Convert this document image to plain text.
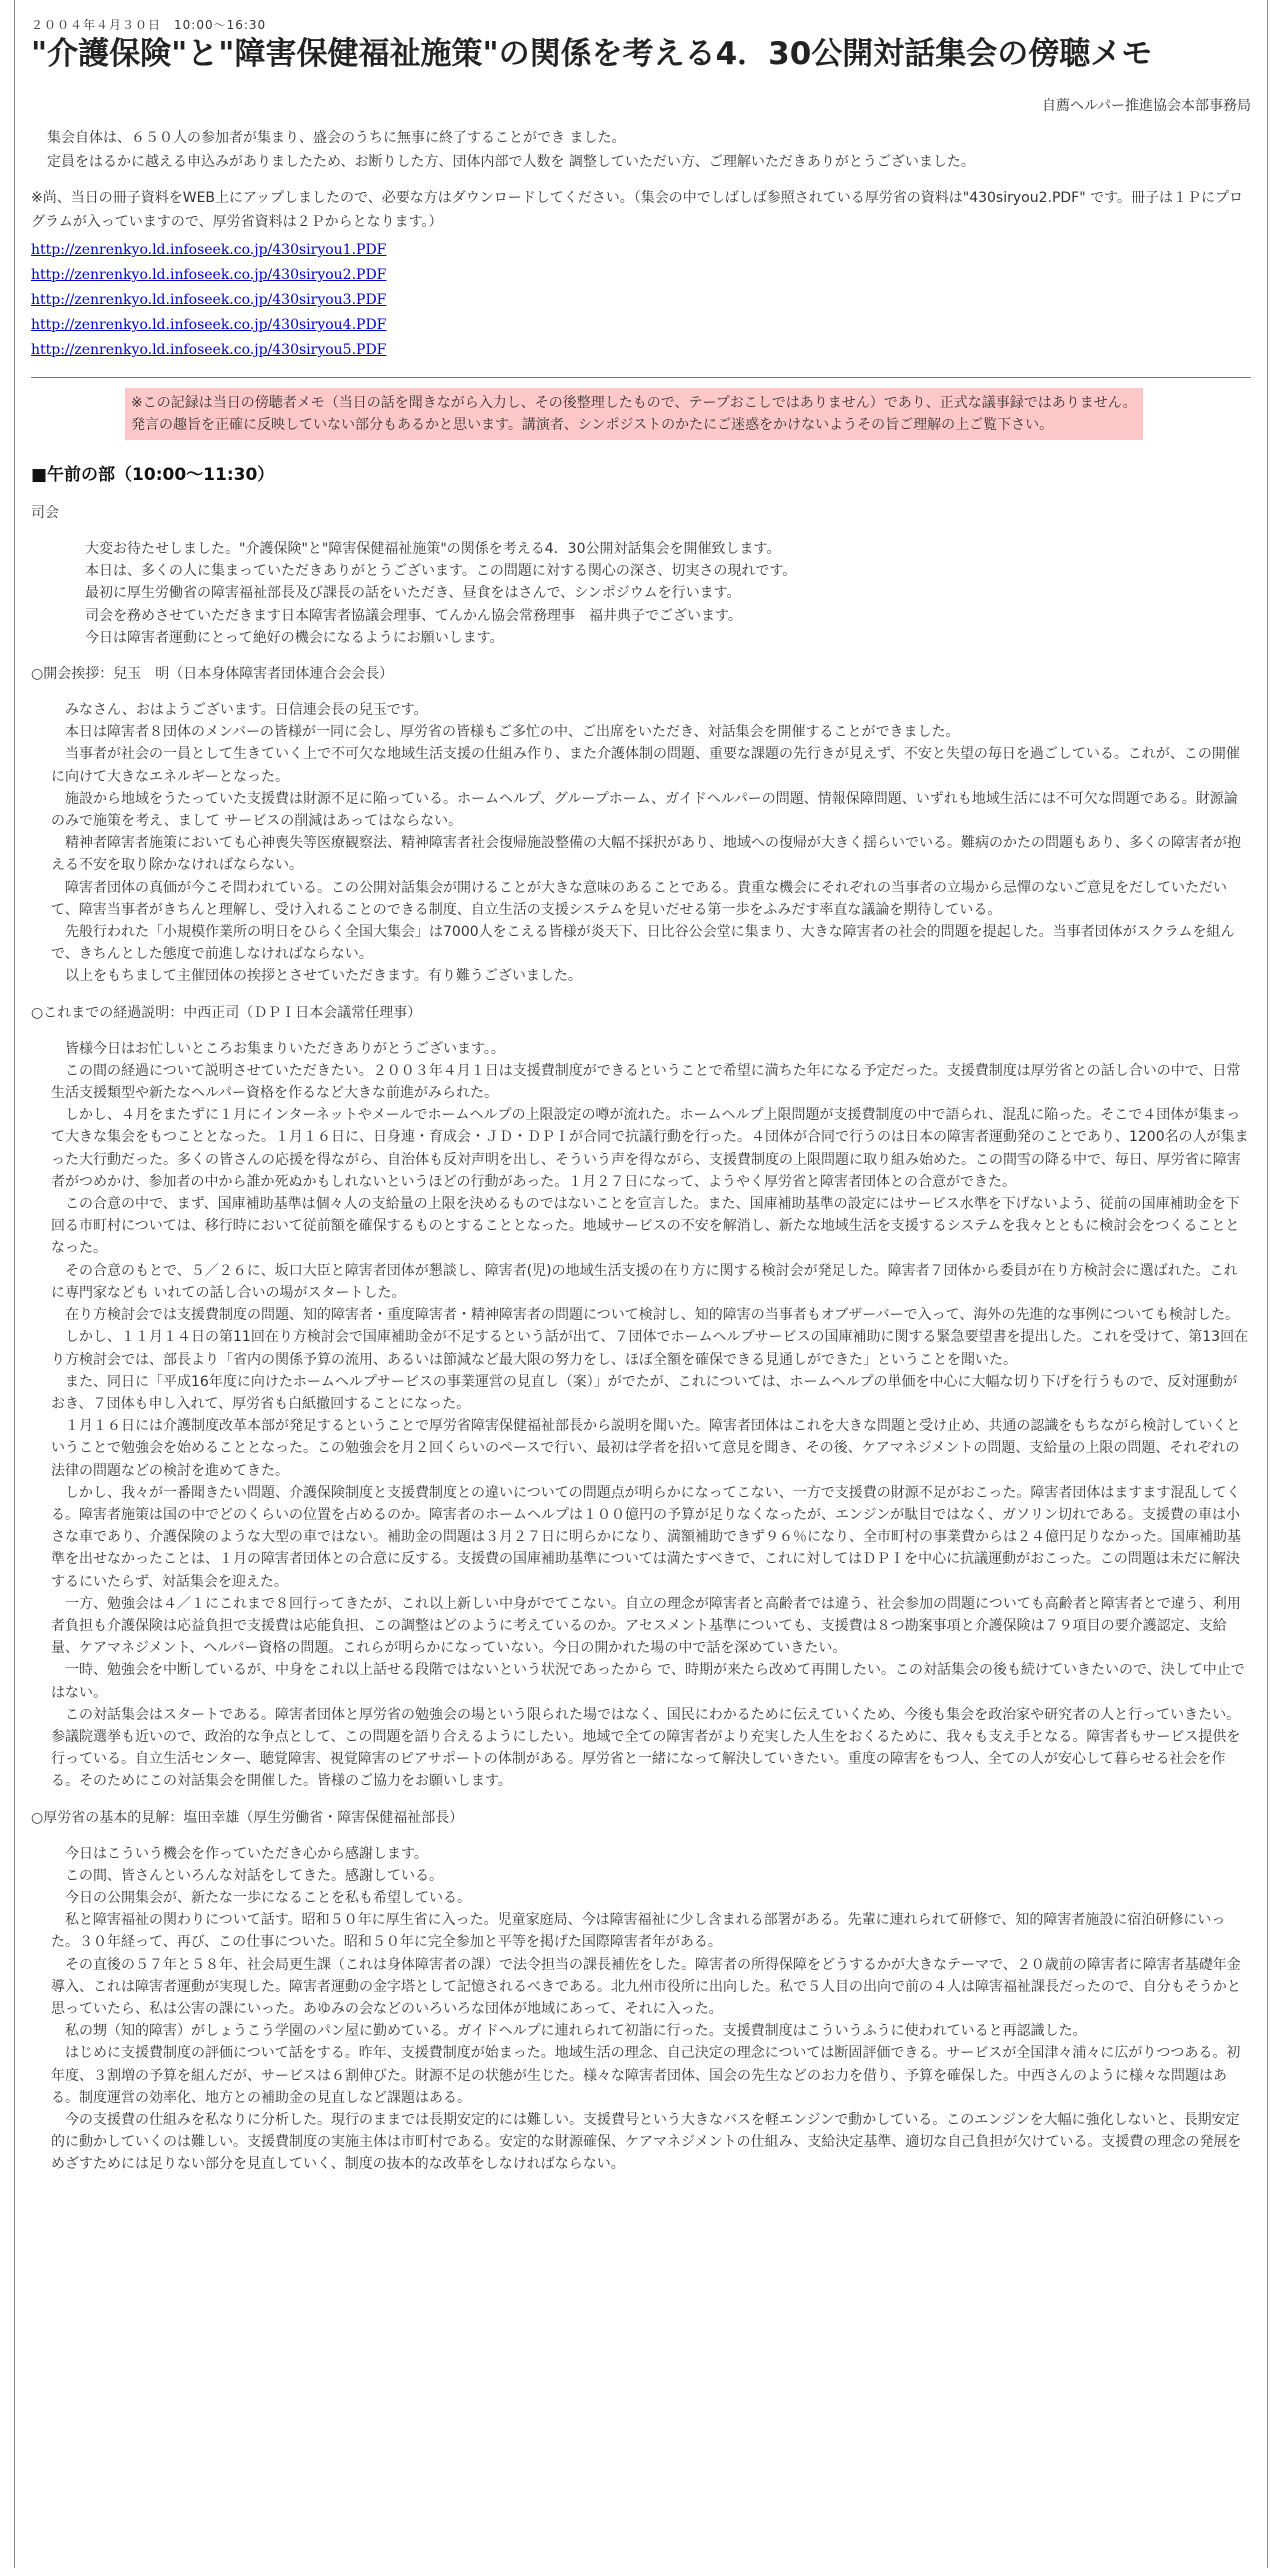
２００４年４月３０日　10:00～16:30
"介護保険"と"障害保健福祉施策"の関係を考える4．30公開対話集会の傍聴メモ
自薦ヘルパー推進協会本部事務局

集会自体は、６５０人の参加者が集まり、盛会のうちに無事に終了することができ ました。

定員をはるかに越える申込みがありましたため、お断りした方、団体内部で人数を 調整していただい方、ご理解いただきありがとうございました。

※尚、当日の冊子資料をWEB上にアップしましたので、必要な方はダウンロードしてください。（集会の中でしばしば参照されている厚労省の資料は"430siryou2.PDF" です。冊子は１Ｐにプログラムが入っていますので、厚労省資料は２Ｐからとなります。）

http://zenrenkyo.ld.infoseek.co.jp/430siryou1.PDF
http://zenrenkyo.ld.infoseek.co.jp/430siryou2.PDF
http://zenrenkyo.ld.infoseek.co.jp/430siryou3.PDF
http://zenrenkyo.ld.infoseek.co.jp/430siryou4.PDF
http://zenrenkyo.ld.infoseek.co.jp/430siryou5.PDF
※この記録は当日の傍聴者メモ（当日の話を聞きながら入力し、その後整理したもので、テープおこしではありません）であり、正式な議事録ではありません。発言の趣旨を正確に反映していない部分もあるかと思います。講演者、シンポジストのかたにご迷惑をかけないようその旨ご理解の上ご覧下さい。
■午前の部（10:00～11:30）
司会

大変お待たせしました。"介護保険"と"障害保健福祉施策"の関係を考える4．30公開対話集会を開催致します。

本日は、多くの人に集まっていただきありがとうございます。この問題に対する関心の深さ、切実さの現れです。

最初に厚生労働省の障害福祉部長及び課長の話をいただき、昼食をはさんで、シンポジウムを行います。

司会を務めさせていただきます日本障害者協議会理事、てんかん協会常務理事　福井典子でございます。

今日は障害者運動にとって絶好の機会になるようにお願いします。

○開会挨拶：兒玉　明（日本身体障害者団体連合会会長）

みなさん、おはようございます。日信連会長の兒玉です。

本日は障害者８団体のメンバーの皆様が一同に会し、厚労省の皆様もご多忙の中、ご出席をいただき、対話集会を開催することができました。

当事者が社会の一員として生きていく上で不可欠な地域生活支援の仕組み作り、また介護体制の問題、重要な課題の先行きが見えず、不安と失望の毎日を過ごしている。これが、この開催に向けて大きなエネルギーとなった。

施設から地域をうたっていた支援費は財源不足に陥っている。ホームヘルプ、グループホーム、ガイドヘルパーの問題、情報保障問題、いずれも地域生活には不可欠な問題である。財源論のみで施策を考え、まして サービスの削減はあってはならない。

精神者障害者施策においても心神喪失等医療観察法、精神障害者社会復帰施設整備の大幅不採択があり、地域への復帰が大きく揺らいでいる。難病のかたの問題もあり、多くの障害者が抱える不安を取り除かなければならない。

障害者団体の真価が今こそ問われている。この公開対話集会が開けることが大きな意味のあることである。貴重な機会にそれぞれの当事者の立場から忌憚のないご意見をだしていただいて、障害当事者がきちんと理解し、受け入れることのできる制度、自立生活の支援システムを見いだせる第一歩をふみだす率直な議論を期待している。

先般行われた「小規模作業所の明日をひらく全国大集会」は7000人をこえる皆様が炎天下、日比谷公会堂に集まり、大きな障害者の社会的問題を提起した。当事者団体がスクラムを組んで、きちんとした態度で前進しなければならない。

以上をもちまして主催団体の挨拶とさせていただきます。有り難うございました。

○これまでの経過説明：中西正司（ＤＰＩ日本会議常任理事）

皆様今日はお忙しいところお集まりいただきありがとうございます。。

この間の経過について説明させていただきたい。２００３年４月１日は支援費制度ができるということで希望に満ちた年になる予定だった。支援費制度は厚労省との話し合いの中で、日常生活支援類型や新たなヘルパー資格を作るなど大きな前進がみられた。

しかし、４月をまたずに１月にインターネットやメールでホームヘルプの上限設定の噂が流れた。ホームヘルプ上限問題が支援費制度の中で語られ、混乱に陥った。そこで４団体が集まって大きな集会をもつこととなった。１月１６日に、日身連・育成会・ＪＤ・ＤＰＩが合同で抗議行動を行った。４団体が合同で行うのは日本の障害者運動発のことであり、1200名の人が集まった大行動だった。多くの皆さんの応援を得ながら、自治体も反対声明を出し、そういう声を得ながら、支援費制度の上限問題に取り組み始めた。この間雪の降る中で、毎日、厚労省に障害者がつめかけ、参加者の中から誰か死ぬかもしれないというほどの行動があった。１月２７日になって、ようやく厚労省と障害者団体との合意ができた。

この合意の中で、まず、国庫補助基準は個々人の支給量の上限を決めるものではないことを宣言した。また、国庫補助基準の設定にはサービス水準を下げないよう、従前の国庫補助金を下回る市町村については、移行時において従前額を確保するものとすることとなった。地域サービスの不安を解消し、新たな地域生活を支援するシステムを我々とともに検討会をつくることとなった。

その合意のもとで、５／２６に、坂口大臣と障害者団体が懇談し、障害者(児)の地域生活支援の在り方に関する検討会が発足した。障害者７団体から委員が在り方検討会に選ばれた。これに専門家なども いれての話し合いの場がスタートした。

在り方検討会では支援費制度の問題、知的障害者・重度障害者・精神障害者の問題について検討し、知的障害の当事者もオブザーバーで入って、海外の先進的な事例についても検討した。

しかし、１１月１４日の第11回在り方検討会で国庫補助金が不足するという話が出て、７団体でホームヘルプサービスの国庫補助に関する緊急要望書を提出した。これを受けて、第13回在り方検討会では、部長より「省内の関係予算の流用、あるいは節減など最大限の努力をし、ほぼ全額を確保できる見通しができた」ということを聞いた。

また、同日に「平成16年度に向けたホームヘルプサービスの事業運営の見直し（案）」がでたが、これについては、ホームヘルプの単価を中心に大幅な切り下げを行うもので、反対運動がおき、７団体も申し入れて、厚労省も白紙撤回することになった。

１月１６日には介護制度改革本部が発足するということで厚労省障害保健福祉部長から説明を聞いた。障害者団体はこれを大きな問題と受け止め、共通の認識をもちながら検討していくということで勉強会を始めることとなった。この勉強会を月２回くらいのペースで行い、最初は学者を招いて意見を聞き、その後、ケアマネジメントの問題、支給量の上限の問題、それぞれの法律の問題などの検討を進めてきた。

しかし、我々が一番聞きたい問題、介護保険制度と支援費制度との違いについての問題点が明らかになってこない、一方で支援費の財源不足がおこった。障害者団体はますます混乱してくる。障害者施策は国の中でどのくらいの位置を占めるのか。障害者のホームヘルプは１００億円の予算が足りなくなったが、エンジンが駄目ではなく、ガソリン切れである。支援費の車は小さな車であり、介護保険のような大型の車ではない。補助金の問題は３月２７日に明らかになり、満額補助できず９６％になり、全市町村の事業費からは２４億円足りなかった。国庫補助基準を出せなかったことは、１月の障害者団体との合意に反する。支援費の国庫補助基準については満たすべきで、これに対してはＤＰＩを中心に抗議運動がおこった。この問題は未だに解決するにいたらず、対話集会を迎えた。

一方、勉強会は４／１にこれまで８回行ってきたが、これ以上新しい中身がでてこない。自立の理念が障害者と高齢者では違う、社会参加の問題についても高齢者と障害者とで違う、利用者負担も介護保険は応益負担で支援費は応能負担、この調整はどのように考えているのか。アセスメント基準についても、支援費は８つ勘案事項と介護保険は７９項目の要介護認定、支給量、ケアマネジメント、ヘルパー資格の問題。これらが明らかになっていない。今日の開かれた場の中で話を深めていきたい。

一時、勉強会を中断しているが、中身をこれ以上話せる段階ではないという状況であったから で、時期が来たら改めて再開したい。この対話集会の後も続けていきたいので、決して中止ではない。

この対話集会はスタートである。障害者団体と厚労省の勉強会の場という限られた場ではなく、国民にわかるために伝えていくため、今後も集会を政治家や研究者の人と行っていきたい。参議院選挙も近いので、政治的な争点として、この問題を語り合えるようにしたい。地域で全ての障害者がより充実した人生をおくるために、我々も支え手となる。障害者もサービス提供を行っている。自立生活センター、聴覚障害、視覚障害のピアサポートの体制がある。厚労省と一緒になって解決していきたい。重度の障害をもつ人、全ての人が安心して暮らせる社会を作る。そのためにこの対話集会を開催した。皆様のご協力をお願いします。

○厚労省の基本的見解：塩田幸雄（厚生労働省・障害保健福祉部長）

今日はこういう機会を作っていただき心から感謝します。

この間、皆さんといろんな対話をしてきた。感謝している。

今日の公開集会が、新たな一歩になることを私も希望している。

私と障害福祉の関わりについて話す。昭和５０年に厚生省に入った。児童家庭局、今は障害福祉に少し含まれる部署がある。先輩に連れられて研修で、知的障害者施設に宿泊研修にいった。３０年経って、再び、この仕事についた。昭和５０年に完全参加と平等を掲げた国際障害者年がある。

その直後の５７年と５８年、社会局更生課（これは身体障害者の課）で法令担当の課長補佐をした。障害者の所得保障をどうするかが大きなテーマで、２０歳前の障害者に障害者基礎年金導入、これは障害者運動が実現した。障害者運動の金字塔として記憶されるべきである。北九州市役所に出向した。私で５人目の出向で前の４人は障害福祉課長だったので、自分もそうかと思っていたら、私は公害の課にいった。あゆみの会などのいろいろな団体が地域にあって、それに入った。

私の甥（知的障害）がしょうこう学園のパン屋に勤めている。ガイドヘルプに連れられて初詣に行った。支援費制度はこういうふうに使われていると再認識した。

はじめに支援費制度の評価について話をする。昨年、支援費制度が始まった。地域生活の理念、自己決定の理念については断固評価できる。サービスが全国津々浦々に広がりつつある。初年度、３割増の予算を組んだが、サービスは６割伸びた。財源不足の状態が生じた。様々な障害者団体、国会の先生などのお力を借り、予算を確保した。中西さんのように様々な問題はある。制度運営の効率化、地方との補助金の見直しなど課題はある。

今の支援費の仕組みを私なりに分析した。現行のままでは長期安定的には難しい。支援費号という大きなバスを軽エンジンで動かしている。このエンジンを大幅に強化しないと、長期安定的に動かしていくのは難しい。支援費制度の実施主体は市町村である。安定的な財源確保、ケアマネジメントの仕組み、支給決定基準、適切な自己負担が欠けている。支援費の理念の発展をめざすためには足りない部分を見直していく、制度の抜本的な改革をしなければならない。
